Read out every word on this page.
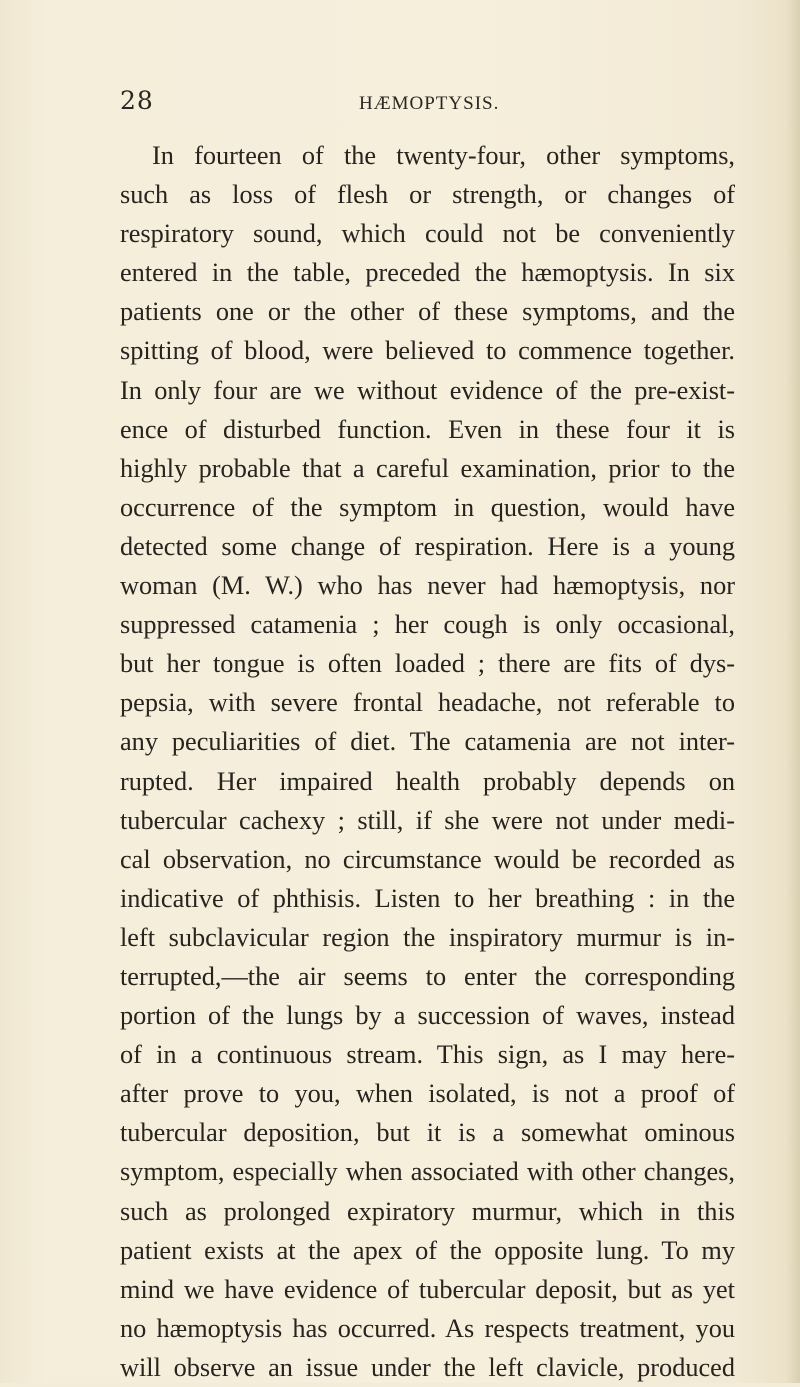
28	HÆMOPTYSIS.
In fourteen of the twenty-four, other symptoms,
such as loss of flesh or strength, or changes of
respiratory sound, which could not be conveniently
entered in the table, preceded the hæmoptysis. In six
patients one or the other of these symptoms, and the
spitting of blood, were believed to commence together.
In only four are we without evidence of the pre-exist-
ence of disturbed function. Even in these four it is
highly probable that a careful examination, prior to the
occurrence of the symptom in question, would have
detected some change of respiration. Here is a young
woman (M. W.) who has never had hæmoptysis, nor
suppressed catamenia ; her cough is only occasional,
but her tongue is often loaded ; there are fits of dys-
pepsia, with severe frontal headache, not referable to
any peculiarities of diet. The catamenia are not inter-
rupted. Her impaired health probably depends on
tubercular cachexy ; still, if she were not under medi-
cal observation, no circumstance would be recorded as
indicative of phthisis. Listen to her breathing : in the
left subclavicular region the inspiratory murmur is in-
terrupted,—the air seems to enter the corresponding
portion of the lungs by a succession of waves, instead
of in a continuous stream. This sign, as I may here-
after prove to you, when isolated, is not a proof of
tubercular deposition, but it is a somewhat ominous
symptom, especially when associated with other changes,
such as prolonged expiratory murmur, which in this
patient exists at the apex of the opposite lung. To my
mind we have evidence of tubercular deposit, but as yet
no hæmoptysis has occurred. As respects treatment, you
will observe an issue under the left clavicle, produced
